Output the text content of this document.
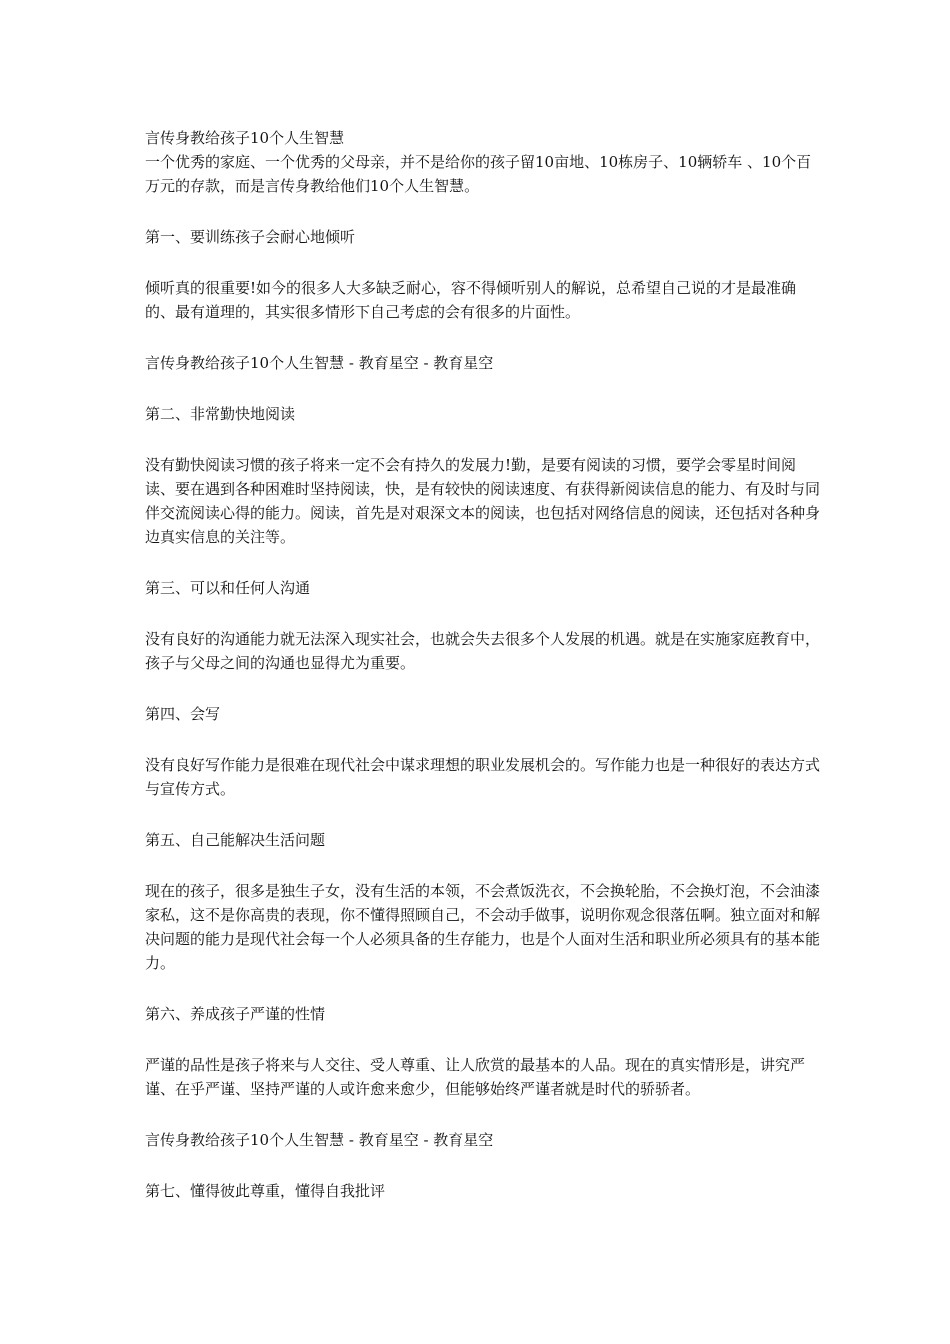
言传身教给孩子10个人生智慧

一个优秀的家庭、一个优秀的父母亲，并不是给你的孩子留10亩地、10栋房子、10辆轿车 、10个百万元的存款，而是言传身教给他们10个人生智慧。

第一、要训练孩子会耐心地倾听

倾听真的很重要!如今的很多人大多缺乏耐心，容不得倾听别人的解说，总希望自己说的才是最准确的、最有道理的，其实很多情形下自己考虑的会有很多的片面性。

言传身教给孩子10个人生智慧 - 教育星空 - 教育星空

第二、非常勤快地阅读

没有勤快阅读习惯的孩子将来一定不会有持久的发展力!勤，是要有阅读的习惯，要学会零星时间阅读、要在遇到各种困难时坚持阅读，快，是有较快的阅读速度、有获得新阅读信息的能力、有及时与同伴交流阅读心得的能力。阅读，首先是对艰深文本的阅读，也包括对网络信息的阅读，还包括对各种身边真实信息的关注等。

第三、可以和任何人沟通

没有良好的沟通能力就无法深入现实社会，也就会失去很多个人发展的机遇。就是在实施家庭教育中，孩子与父母之间的沟通也显得尤为重要。

第四、会写

没有良好写作能力是很难在现代社会中谋求理想的职业发展机会的。写作能力也是一种很好的表达方式与宣传方式。

第五、自己能解决生活问题

现在的孩子，很多是独生子女，没有生活的本领，不会煮饭洗衣，不会换轮胎，不会换灯泡，不会油漆家私，这不是你高贵的表现，你不懂得照顾自己，不会动手做事，说明你观念很落伍啊。独立面对和解决问题的能力是现代社会每一个人必须具备的生存能力，也是个人面对生活和职业所必须具有的基本能力。

第六、养成孩子严谨的性情

严谨的品性是孩子将来与人交往、受人尊重、让人欣赏的最基本的人品。现在的真实情形是，讲究严谨、在乎严谨、坚持严谨的人或许愈来愈少，但能够始终严谨者就是时代的骄骄者。

言传身教给孩子10个人生智慧 - 教育星空 - 教育星空

第七、懂得彼此尊重，懂得自我批评
